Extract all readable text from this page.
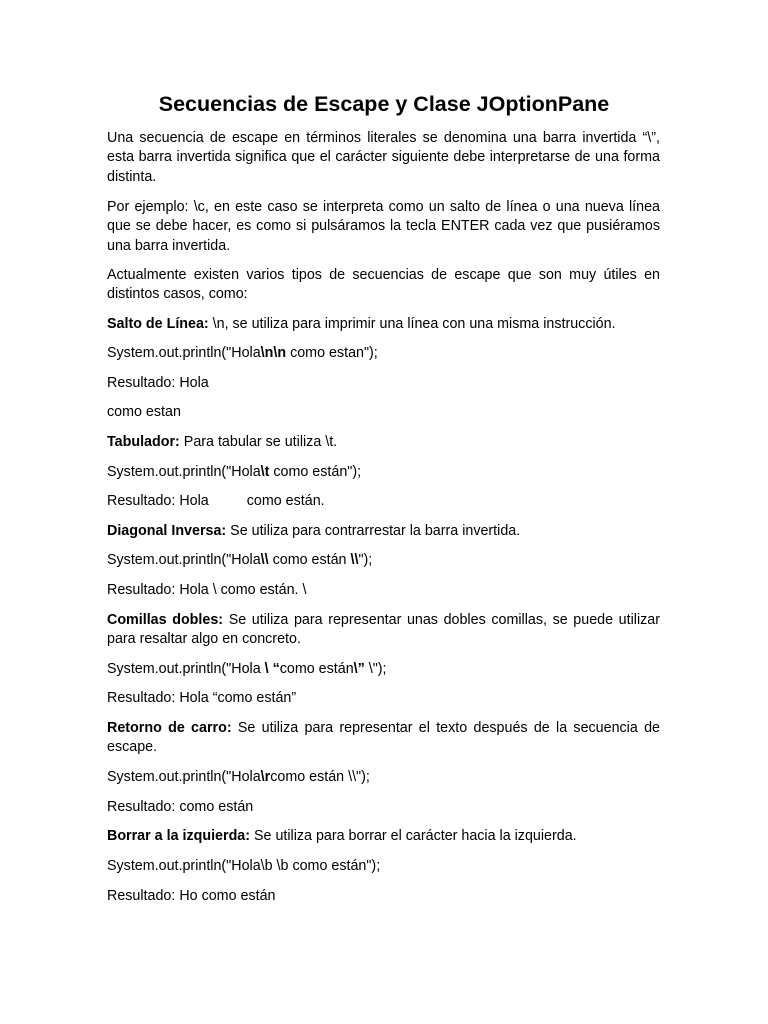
Secuencias de Escape y Clase JOptionPane
Una secuencia de escape en términos literales se denomina una barra invertida “\”, esta barra invertida significa que el carácter siguiente debe interpretarse de una forma distinta.
Por ejemplo: \c, en este caso se interpreta como un salto de línea o una nueva línea que se debe hacer, es como si pulsáramos la tecla ENTER cada vez que pusiéramos una barra invertida.
Actualmente existen varios tipos de secuencias de escape que son muy útiles en distintos casos, como:
Salto de Línea: \n, se utiliza para imprimir una línea con una misma instrucción.
System.out.println("Hola\n\n como estan");
Resultado: Hola
como estan
Tabulador: Para tabular se utiliza \t.
System.out.println("Hola\t como están");
Resultado: Hola	como están.
Diagonal Inversa: Se utiliza para contrarrestar la barra invertida.
System.out.println("Hola\\ como están \\");
Resultado: Hola \ como están. \
Comillas dobles: Se utiliza para representar unas dobles comillas, se puede utilizar para resaltar algo en concreto.
System.out.println("Hola \ “como están\” \");
Resultado: Hola “como están”
Retorno de carro: Se utiliza para representar el texto después de la secuencia de escape.
System.out.println("Hola\rcomo están \\");
Resultado: como están
Borrar a la izquierda: Se utiliza para borrar el carácter hacia la izquierda.
System.out.println("Hola\b \b como están");
Resultado: Ho como están
